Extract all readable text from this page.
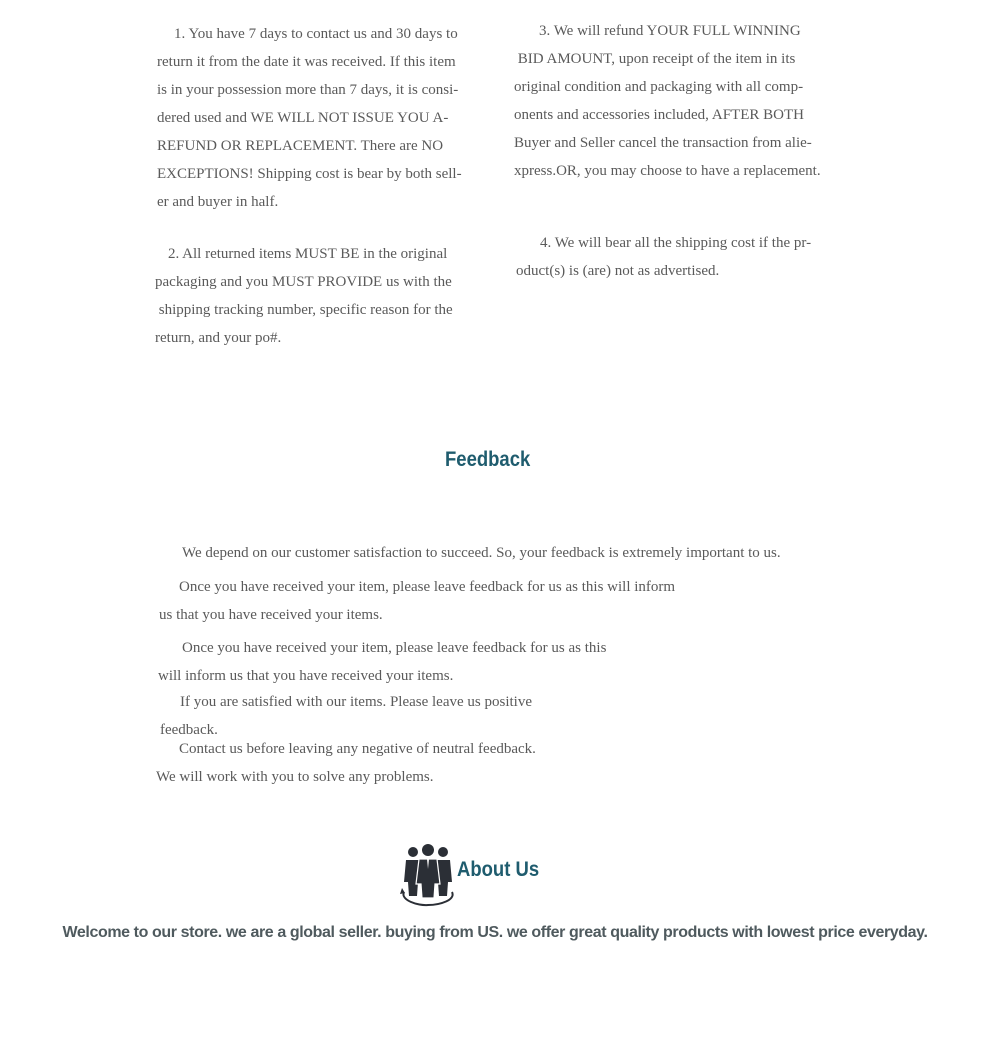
1. You have 7 days to contact us and 30 days to
return it from the date it was received. If this item
is in your possession more than 7 days, it is consi-
dered used and WE WILL NOT ISSUE YOU A-
REFUND OR REPLACEMENT. There are NO
EXCEPTIONS! Shipping cost is bear by both sell-
er and buyer in half.
2. All returned items MUST BE in the original
packaging and you MUST PROVIDE us with the
shipping tracking number, specific reason for the
return, and your po#.
3. We will refund YOUR FULL WINNING
BID AMOUNT, upon receipt of the item in its
original condition and packaging with all comp-
onents and accessories included, AFTER BOTH
Buyer and Seller cancel the transaction from alie-
xpress.OR, you may choose to have a replacement.
4. We will bear all the shipping cost if the pr-
oduct(s) is (are) not as advertised.
Feedback
We depend on our customer satisfaction to succeed. So, your feedback is extremely important to us.
Once you have received your item, please leave feedback for us as this will inform
us that you have received your items.
Once you have received your item, please leave feedback for us as this
will inform us that you have received your items.
If you are satisfied with our items. Please leave us positive
feedback.
Contact us before leaving any negative of neutral feedback.
We will work with you to solve any problems.
About Us
Welcome to our store. we are a global seller. buying from US. we offer great quality products with lowest price everyday.
